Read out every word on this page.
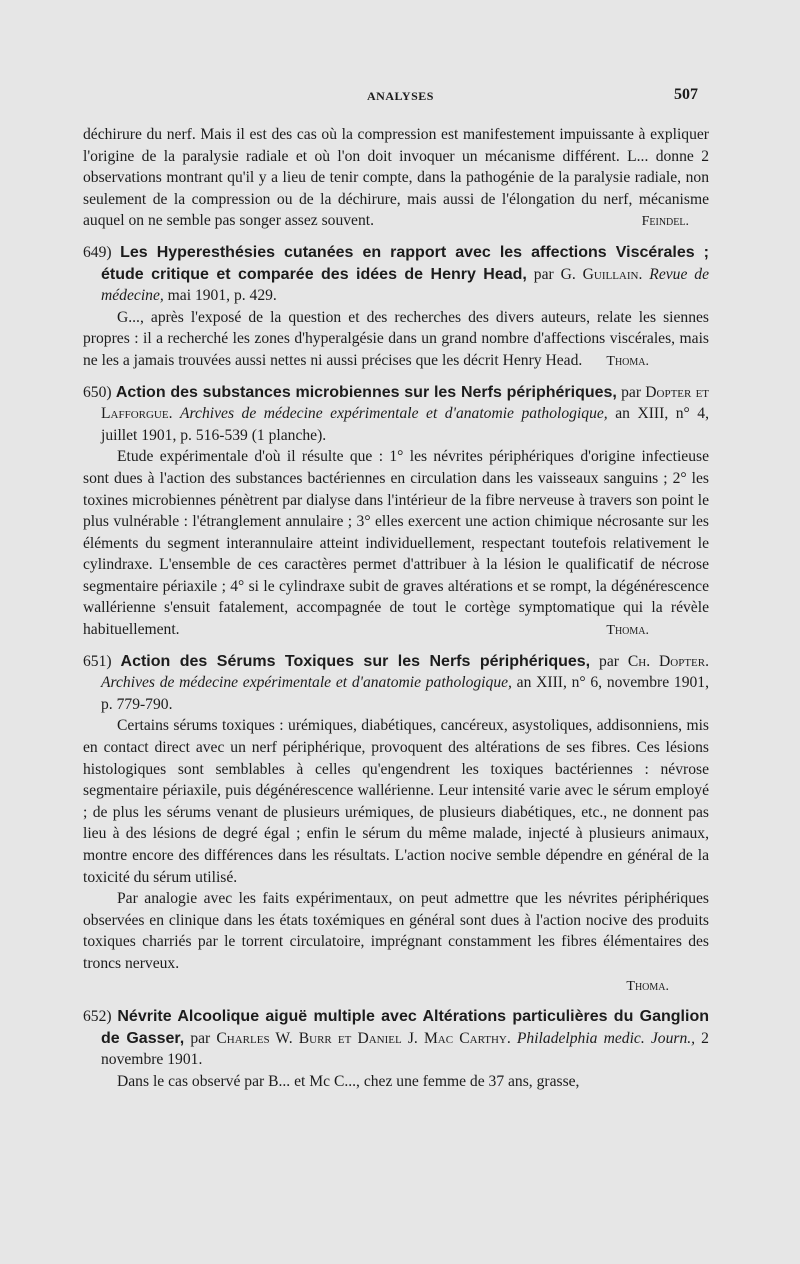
ANALYSES	507

déchirure du nerf. Mais il est des cas où la compression est manifestement impuissante à expliquer l'origine de la paralysie radiale et où l'on doit invoquer un mécanisme différent. L... donne 2 observations montrant qu'il y a lieu de tenir compte, dans la pathogénie de la paralysie radiale, non seulement de la compression ou de la déchirure, mais aussi de l'élongation du nerf, mécanisme auquel on ne semble pas songer assez souvent.	Feindel.

649) Les Hyperesthésies cutanées en rapport avec les affections Viscérales ; étude critique et comparée des idées de Henry Head, par G. Guillain. Revue de médecine, mai 1901, p. 429.

G..., après l'exposé de la question et des recherches des divers auteurs, relate les siennes propres : il a recherché les zones d'hyperalgésie dans un grand nombre d'affections viscérales, mais ne les a jamais trouvées aussi nettes ni aussi précises que les décrit Henry Head.	Thoma.

650) Action des substances microbiennes sur les Nerfs périphériques, par Dopter et Lafforgue. Archives de médecine expérimentale et d'anatomie pathologique, an XIII, n° 4, juillet 1901, p. 516-539 (1 planche).

Etude expérimentale d'où il résulte que : 1° les névrites périphériques d'origine infectieuse sont dues à l'action des substances bactériennes en circulation dans les vaisseaux sanguins ; 2° les toxines microbiennes pénètrent par dialyse dans l'intérieur de la fibre nerveuse à travers son point le plus vulnérable : l'étranglement annulaire ; 3° elles exercent une action chimique nécrosante sur les éléments du segment interannulaire atteint individuellement, respectant toutefois relativement le cylindraxe. L'ensemble de ces caractères permet d'attribuer à la lésion le qualificatif de nécrose segmentaire périaxile ; 4° si le cylindraxe subit de graves altérations et se rompt, la dégénérescence wallérienne s'ensuit fatalement, accompagnée de tout le cortège symptomatique qui la révèle habituellement.	Thoma.

651) Action des Sérums Toxiques sur les Nerfs périphériques, par Ch. Dopter. Archives de médecine expérimentale et d'anatomie pathologique, an XIII, n° 6, novembre 1901, p. 779-790.

Certains sérums toxiques : urémiques, diabétiques, cancéreux, asystoliques, addisonniens, mis en contact direct avec un nerf périphérique, provoquent des altérations de ses fibres. Ces lésions histologiques sont semblables à celles qu'engendrent les toxiques bactériennes : névrose segmentaire périaxile, puis dégénérescence wallérienne. Leur intensité varie avec le sérum employé ; de plus les sérums venant de plusieurs urémiques, de plusieurs diabétiques, etc., ne donnent pas lieu à des lésions de degré égal ; enfin le sérum du même malade, injecté à plusieurs animaux, montre encore des différences dans les résultats. L'action nocive semble dépendre en général de la toxicité du sérum utilisé.

Par analogie avec les faits expérimentaux, on peut admettre que les névrites périphériques observées en clinique dans les états toxémiques en général sont dues à l'action nocive des produits toxiques charriés par le torrent circulatoire, imprégnant constamment les fibres élémentaires des troncs nerveux.

Thoma.

652) Névrite Alcoolique aiguë multiple avec Altérations particulières du Ganglion de Gasser, par Charles W. Burr et Daniel J. Mac Carthy. Philadelphia medic. Journ., 2 novembre 1901.

Dans le cas observé par B... et Mc C..., chez une femme de 37 ans, grasse,
